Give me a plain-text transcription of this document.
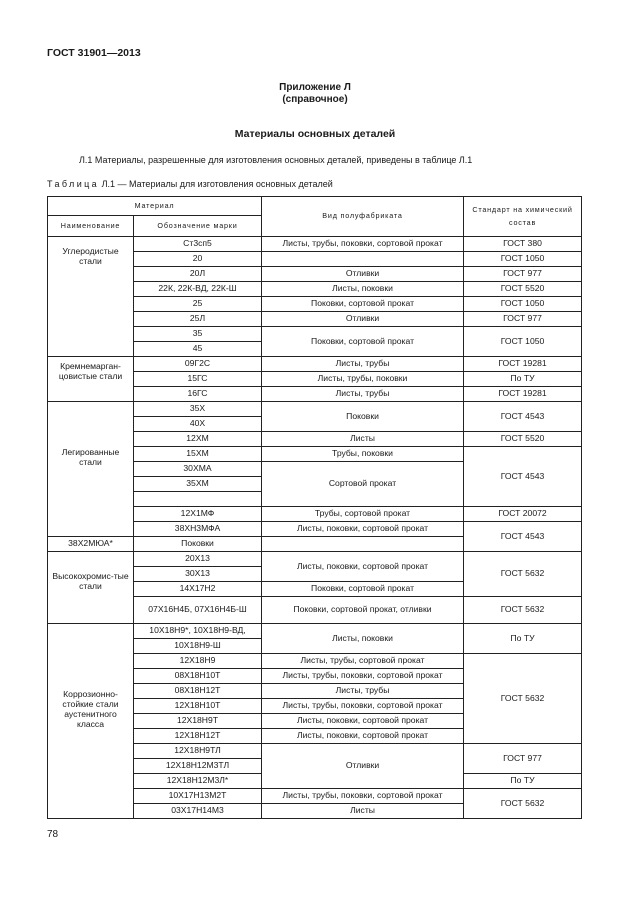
ГОСТ 31901—2013
Приложение Л
(справочное)
Материалы основных деталей
Л.1 Материалы, разрешенные для изготовления основных деталей, приведены в таблице Л.1
Таблица Л.1 — Материалы для изготовления основных деталей
Материал		Вид полуфабриката	Стандарт на химический состав
Наименование	Обозначение марки		
Углеродистые стали	Ст3сп5	Листы, трубы, поковки, сортовой прокат	ГОСТ 380
	20		ГОСТ 1050
	20Л	Отливки	ГОСТ 977
	22К, 22К-ВД, 22К-Ш	Листы, поковки	ГОСТ 5520
	25	Поковки, сортовой прокат	ГОСТ 1050
	25Л	Отливки	ГОСТ 977
	35	Поковки, сортовой прокат	ГОСТ 1050
	45		
Кремнемарган-цовистые стали	09Г2С	Листы, трубы	ГОСТ 19281
	15ГС	Листы, трубы, поковки	По ТУ
	16ГС	Листы, трубы	ГОСТ 19281
Легированные стали	35Х	Поковки	ГОСТ 4543
	40Х		
	12ХМ	Листы	ГОСТ 5520
	15ХМ	Трубы, поковки	ГОСТ 4543
	30ХМА	Сортовой прокат	
	35ХМ		

	12Х1МФ	Трубы, сортовой прокат	ГОСТ 20072
	38ХН3МФА	Листы, поковки, сортовой прокат	ГОСТ 4543
38Х2МЮА*	Поковки		
Высокохромис-тые стали	20Х13	Листы, поковки, сортовой прокат	ГОСТ 5632
	30Х13		
	14Х17Н2	Поковки, сортовой прокат	
	07Х16Н4Б, 07Х16Н4Б-Ш	Поковки, сортовой прокат, отливки	ГОСТ 5632
Коррозионно-стойкие стали аустенитного класса	10Х18Н9*, 10Х18Н9-ВД,	Листы, поковки	По ТУ
	10Х18Н9-Ш		
	12Х18Н9	Листы, трубы, сортовой прокат	ГОСТ 5632
	08Х18Н10Т	Листы, трубы, поковки, сортовой прокат	
	08Х18Н12Т	Листы, трубы	
	12Х18Н10Т	Листы, трубы, поковки, сортовой прокат	
	12Х18Н9Т	Листы, поковки, сортовой прокат	
	12Х18Н12Т	Листы, поковки, сортовой прокат	
	12Х18Н9ТЛ	Отливки	ГОСТ 977
	12Х18Н12М3ТЛ		
	12Х18Н12М3Л*		По ТУ
	10Х17Н13М2Т	Листы, трубы, поковки, сортовой прокат	ГОСТ 5632
	03Х17Н14М3	Листы	
78
